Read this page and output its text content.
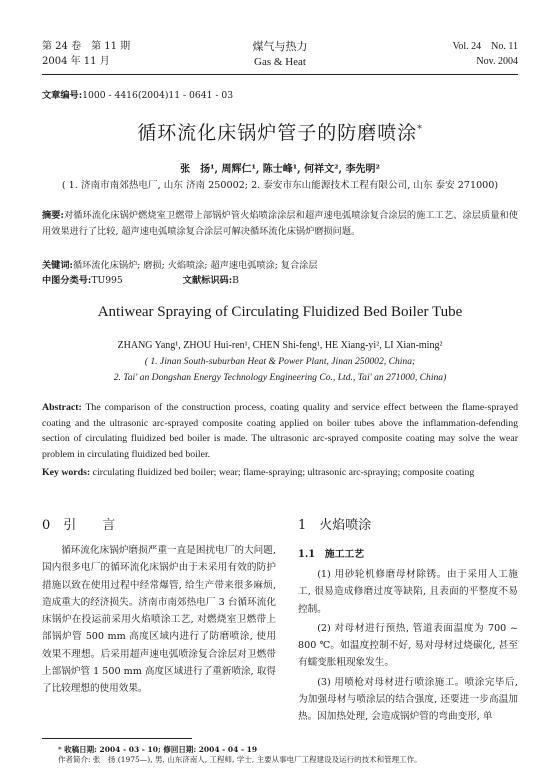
第 24 卷　第 11 期
2004 年 11 月
煤气与热力
Gas & Heat
Vol. 24　No. 11
Nov. 2004
文章编号:1000 - 4416(2004)11 - 0641 - 03
循环流化床锅炉管子的防磨喷涂*
张　扬¹, 周辉仁¹, 陈士峰¹, 何祥文², 李先明²
( 1. 济南市南郊热电厂, 山东 济南 250002; 2. 泰安市东山能源技术工程有限公司, 山东 泰安 271000)
摘要:对循环流化床锅炉燃烧室卫燃带上部锅炉管火焰喷涂涂层和超声速电弧喷涂复合涂层的施工工艺、涂层质量和使用效果进行了比较, 超声速电弧喷涂复合涂层可解决循环流化床锅炉磨损问题。
关键词:循环流化床锅炉; 磨损; 火焰喷涂; 超声速电弧喷涂; 复合涂层
中图分类号:TU995	文献标识码:B
Antiwear Spraying of Circulating Fluidized Bed Boiler Tube
ZHANG Yang¹, ZHOU Hui-ren¹, CHEN Shi-feng¹, HE Xiang-yi², LI Xian-ming²
( 1. Jinan South-suburban Heat & Power Plant, Jinan 250002, China;
2. Tai' an Dongshan Energy Technology Engineering Co., Ltd., Tai' an 271000, China)
Abstract: The comparison of the construction process, coating quality and service effect between the flame-sprayed coating and the ultrasonic arc-sprayed composite coating applied on boiler tubes above the inflammation-defending section of circulating fluidized bed boiler is made. The ultrasonic arc-sprayed composite coating may solve the wear problem in circulating fluidized bed boiler.
Key words: circulating fluidized bed boiler; wear; flame-spraying; ultrasonic arc-spraying; composite coating
0　引　　言
循环流化床锅炉磨损严重一直是困扰电厂的大问题, 国内很多电厂的循环流化床锅炉由于未采用有效的防护措施以致在使用过程中经常爆管, 给生产带来很多麻烦, 造成重大的经济损失。济南市南郊热电厂 3 台循环流化床锅炉在投运前采用火焰喷涂工艺, 对燃烧室卫燃带上部锅炉管 500 mm 高度区域内进行了防磨喷涂, 使用效果不理想。后采用超声速电弧喷涂复合涂层对卫燃带上部锅炉管 1 500 mm 高度区域进行了重新喷涂, 取得了比较理想的使用效果。
1　火焰喷涂
1.1　施工工艺
(1) 用砂轮机修磨母材除锈。由于采用人工施工, 很易造成修磨过度等缺陷, 且表面的平整度不易控制。
(2) 对母材进行预热, 管道表面温度为 700 ~ 800 ℃。如温度控制不好, 易对母材过烧碳化, 甚至有蠕变胀粗现象发生。
(3) 用喷枪对母材进行喷涂施工。喷涂完毕后, 为加强母材与喷涂层的结合强度, 还要进一步高温加热。因加热处理, 会造成锅炉管的弯曲变形, 单
* 收稿日期: 2004 - 03 - 10; 修回日期: 2004 - 04 - 19
作者简介: 张　扬 (1975—), 男, 山东济南人, 工程师, 学士, 主要从事电厂工程建设及运行的技术和管理工作。
